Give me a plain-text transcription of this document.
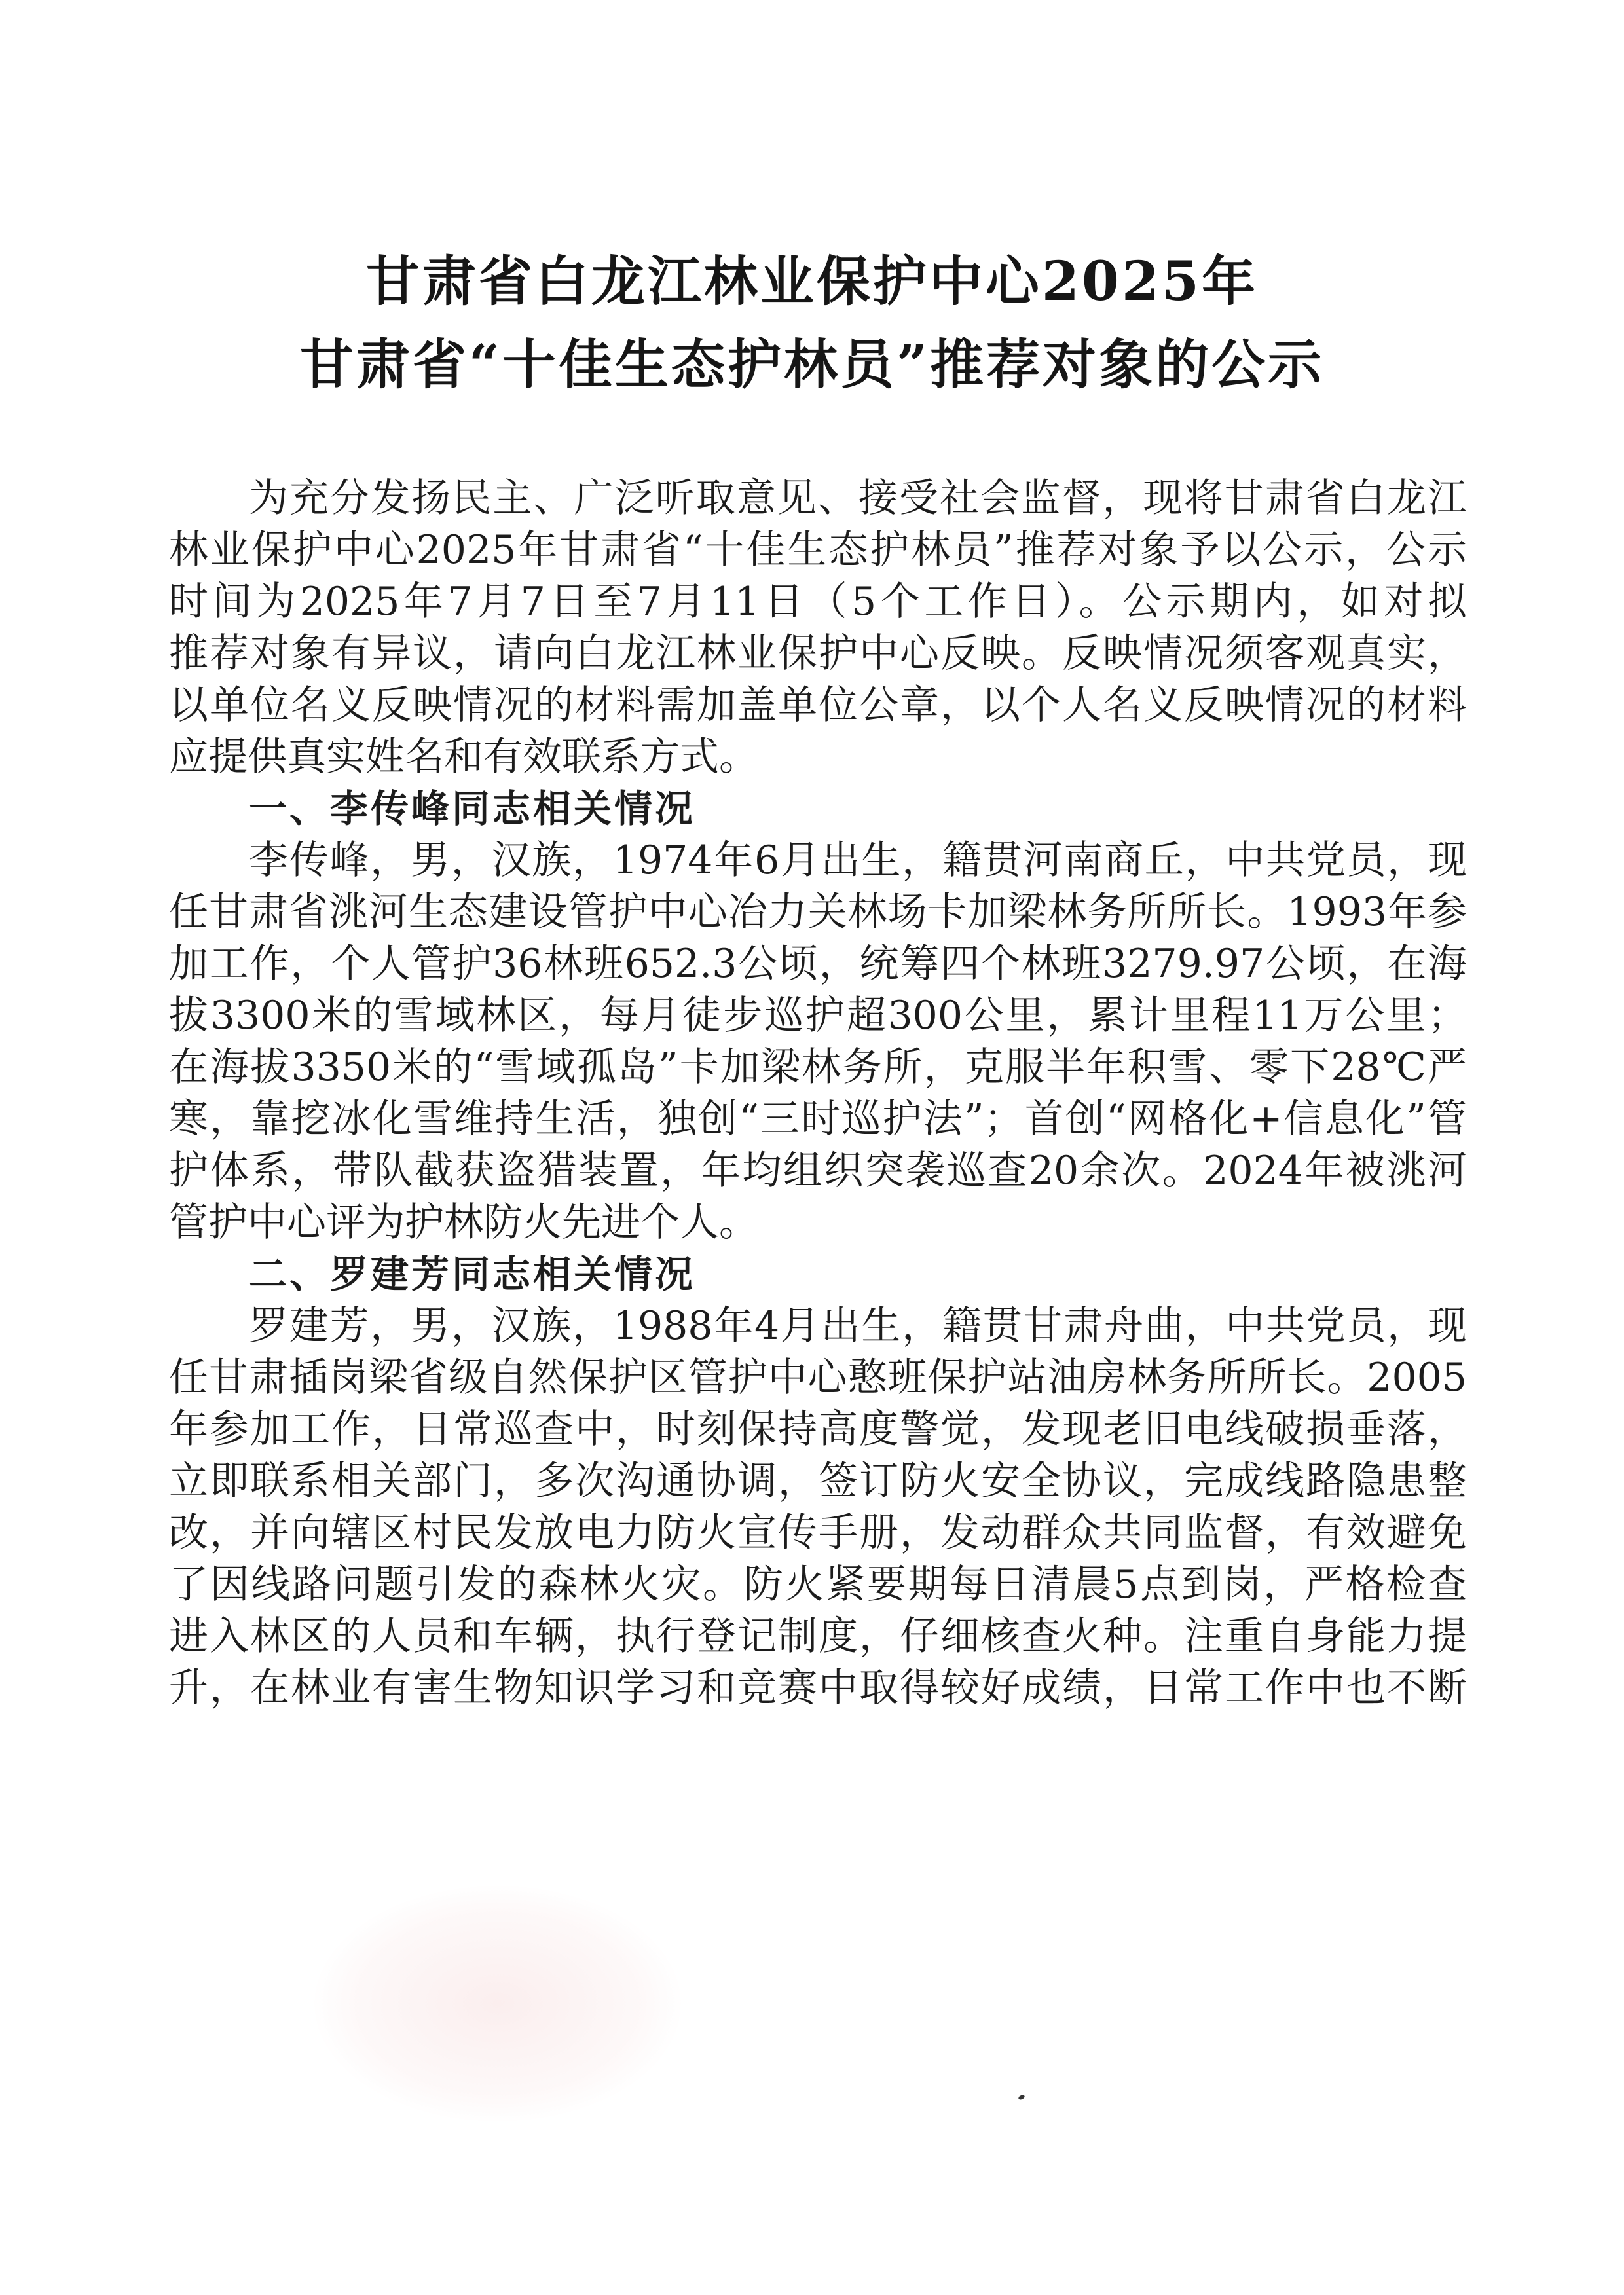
甘肃省白龙江林业保护中心2025年
甘肃省“十佳生态护林员”推荐对象的公示
为充分发扬民主、广泛听取意见、接受社会监督，现将甘肃省白龙江
林业保护中心2025年甘肃省“十佳生态护林员”推荐对象予以公示，公示
时间为2025年7月7日至7月11日（5个工作日）。公示期内，如对拟
推荐对象有异议，请向白龙江林业保护中心反映。反映情况须客观真实，
以单位名义反映情况的材料需加盖单位公章，以个人名义反映情况的材料
应提供真实姓名和有效联系方式。
一、李传峰同志相关情况
李传峰，男，汉族，1974年6月出生，籍贯河南商丘，中共党员，现
任甘肃省洮河生态建设管护中心冶力关林场卡加梁林务所所长。1993年参
加工作，个人管护36林班652.3公顷，统筹四个林班3279.97公顷，在海
拔3300米的雪域林区，每月徒步巡护超300公里，累计里程11万公里；
在海拔3350米的“雪域孤岛”卡加梁林务所，克服半年积雪、零下28℃严
寒，靠挖冰化雪维持生活，独创“三时巡护法”；首创“网格化+信息化”管
护体系，带队截获盗猎装置，年均组织突袭巡查20余次。2024年被洮河
管护中心评为护林防火先进个人。
二、罗建芳同志相关情况
罗建芳，男，汉族，1988年4月出生，籍贯甘肃舟曲，中共党员，现
任甘肃插岗梁省级自然保护区管护中心憨班保护站油房林务所所长。2005
年参加工作，日常巡查中，时刻保持高度警觉，发现老旧电线破损垂落，
立即联系相关部门，多次沟通协调，签订防火安全协议，完成线路隐患整
改，并向辖区村民发放电力防火宣传手册，发动群众共同监督，有效避免
了因线路问题引发的森林火灾。防火紧要期每日清晨5点到岗，严格检查
进入林区的人员和车辆，执行登记制度，仔细核查火种。注重自身能力提
升，在林业有害生物知识学习和竞赛中取得较好成绩，日常工作中也不断
